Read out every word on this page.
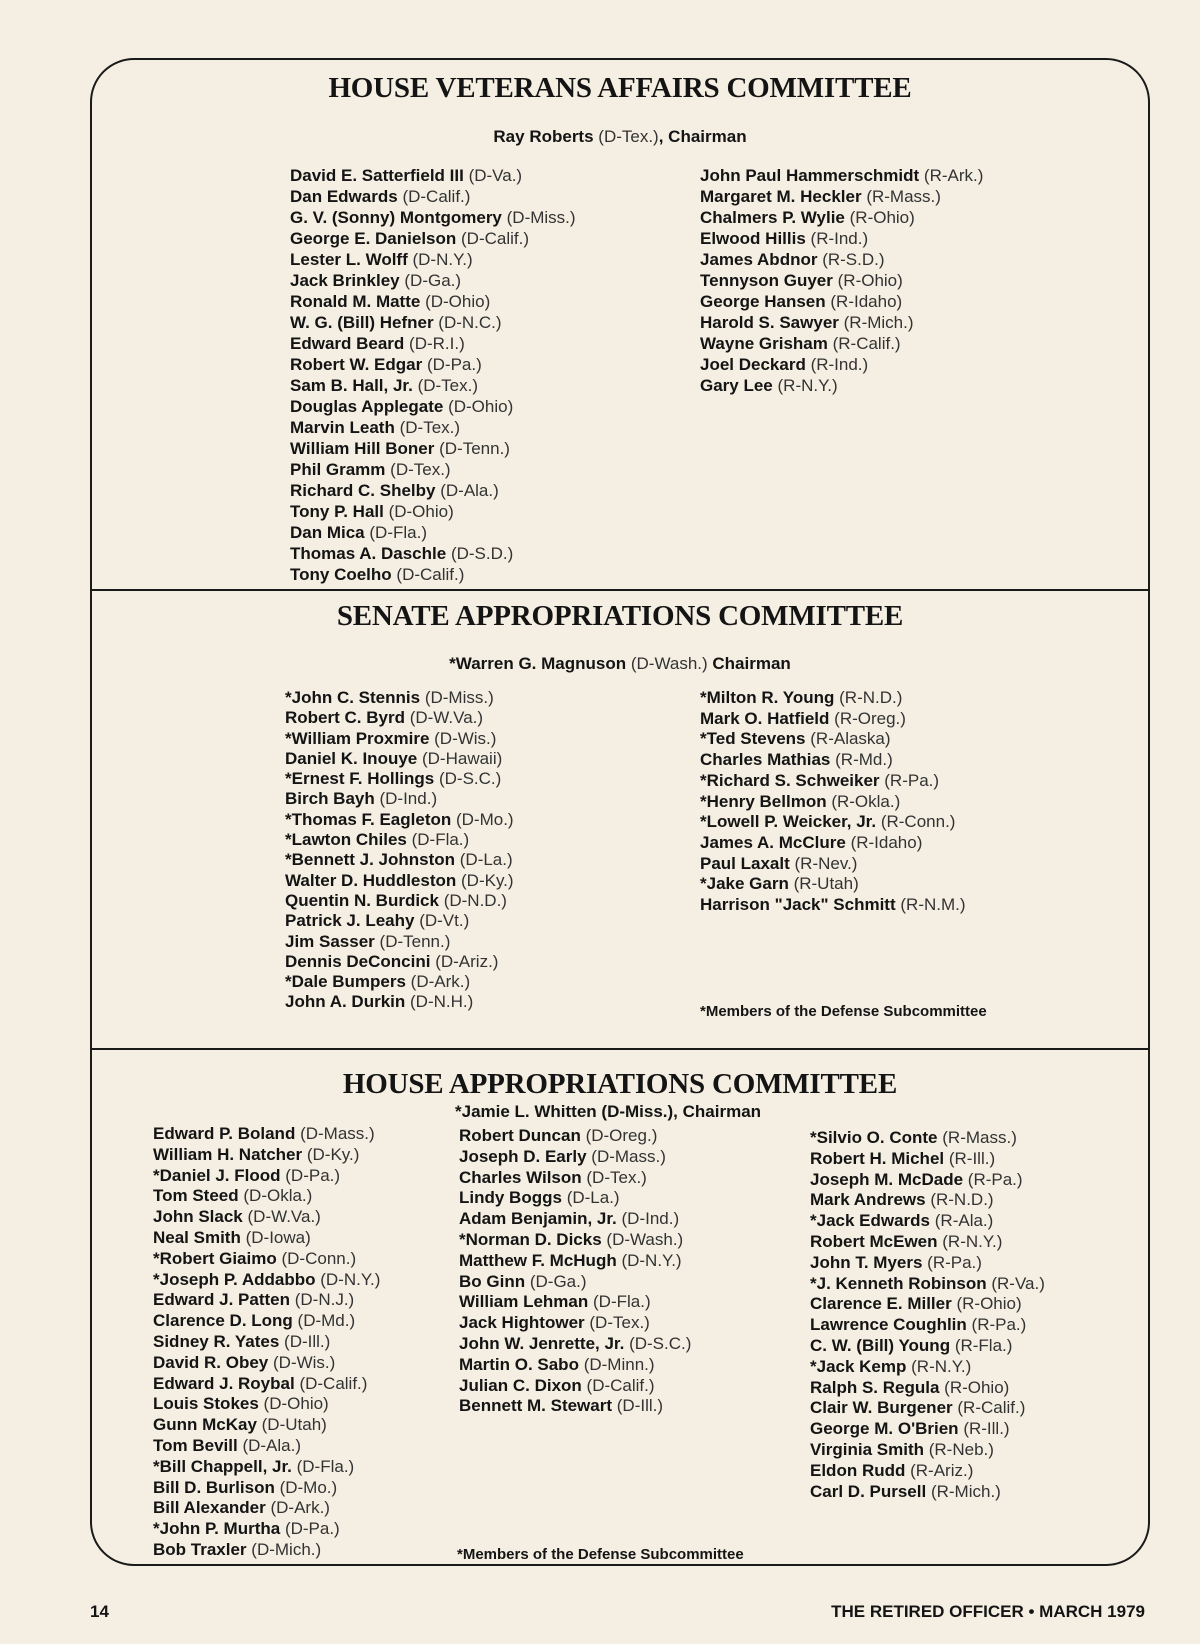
HOUSE VETERANS AFFAIRS COMMITTEE
Ray Roberts (D-Tex.), Chairman
David E. Satterfield III (D-Va.)
Dan Edwards (D-Calif.)
G. V. (Sonny) Montgomery (D-Miss.)
George E. Danielson (D-Calif.)
Lester L. Wolff (D-N.Y.)
Jack Brinkley (D-Ga.)
Ronald M. Matte (D-Ohio)
W. G. (Bill) Hefner (D-N.C.)
Edward Beard (D-R.I.)
Robert W. Edgar (D-Pa.)
Sam B. Hall, Jr. (D-Tex.)
Douglas Applegate (D-Ohio)
Marvin Leath (D-Tex.)
William Hill Boner (D-Tenn.)
Phil Gramm (D-Tex.)
Richard C. Shelby (D-Ala.)
Tony P. Hall (D-Ohio)
Dan Mica (D-Fla.)
Thomas A. Daschle (D-S.D.)
Tony Coelho (D-Calif.)
John Paul Hammerschmidt (R-Ark.)
Margaret M. Heckler (R-Mass.)
Chalmers P. Wylie (R-Ohio)
Elwood Hillis (R-Ind.)
James Abdnor (R-S.D.)
Tennyson Guyer (R-Ohio)
George Hansen (R-Idaho)
Harold S. Sawyer (R-Mich.)
Wayne Grisham (R-Calif.)
Joel Deckard (R-Ind.)
Gary Lee (R-N.Y.)
SENATE APPROPRIATIONS COMMITTEE
*Warren G. Magnuson (D-Wash.) Chairman
*John C. Stennis (D-Miss.)
Robert C. Byrd (D-W.Va.)
*William Proxmire (D-Wis.)
Daniel K. Inouye (D-Hawaii)
*Ernest F. Hollings (D-S.C.)
Birch Bayh (D-Ind.)
*Thomas F. Eagleton (D-Mo.)
*Lawton Chiles (D-Fla.)
*Bennett J. Johnston (D-La.)
Walter D. Huddleston (D-Ky.)
Quentin N. Burdick (D-N.D.)
Patrick J. Leahy (D-Vt.)
Jim Sasser (D-Tenn.)
Dennis DeConcini (D-Ariz.)
*Dale Bumpers (D-Ark.)
John A. Durkin (D-N.H.)
*Milton R. Young (R-N.D.)
Mark O. Hatfield (R-Oreg.)
*Ted Stevens (R-Alaska)
Charles Mathias (R-Md.)
*Richard S. Schweiker (R-Pa.)
*Henry Bellmon (R-Okla.)
*Lowell P. Weicker, Jr. (R-Conn.)
James A. McClure (R-Idaho)
Paul Laxalt (R-Nev.)
*Jake Garn (R-Utah)
Harrison "Jack" Schmitt (R-N.M.)
*Members of the Defense Subcommittee
HOUSE APPROPRIATIONS COMMITTEE
*Jamie L. Whitten (D-Miss.), Chairman
Edward P. Boland (D-Mass.)
William H. Natcher (D-Ky.)
*Daniel J. Flood (D-Pa.)
Tom Steed (D-Okla.)
John Slack (D-W.Va.)
Neal Smith (D-Iowa)
*Robert Giaimo (D-Conn.)
*Joseph P. Addabbo (D-N.Y.)
Edward J. Patten (D-N.J.)
Clarence D. Long (D-Md.)
Sidney R. Yates (D-Ill.)
David R. Obey (D-Wis.)
Edward J. Roybal (D-Calif.)
Louis Stokes (D-Ohio)
Gunn McKay (D-Utah)
Tom Bevill (D-Ala.)
*Bill Chappell, Jr. (D-Fla.)
Bill D. Burlison (D-Mo.)
Bill Alexander (D-Ark.)
*John P. Murtha (D-Pa.)
Bob Traxler (D-Mich.)
Robert Duncan (D-Oreg.)
Joseph D. Early (D-Mass.)
Charles Wilson (D-Tex.)
Lindy Boggs (D-La.)
Adam Benjamin, Jr. (D-Ind.)
*Norman D. Dicks (D-Wash.)
Matthew F. McHugh (D-N.Y.)
Bo Ginn (D-Ga.)
William Lehman (D-Fla.)
Jack Hightower (D-Tex.)
John W. Jenrette, Jr. (D-S.C.)
Martin O. Sabo (D-Minn.)
Julian C. Dixon (D-Calif.)
Bennett M. Stewart (D-Ill.)
*Silvio O. Conte (R-Mass.)
Robert H. Michel (R-Ill.)
Joseph M. McDade (R-Pa.)
Mark Andrews (R-N.D.)
*Jack Edwards (R-Ala.)
Robert McEwen (R-N.Y.)
John T. Myers (R-Pa.)
*J. Kenneth Robinson (R-Va.)
Clarence E. Miller (R-Ohio)
Lawrence Coughlin (R-Pa.)
C. W. (Bill) Young (R-Fla.)
*Jack Kemp (R-N.Y.)
Ralph S. Regula (R-Ohio)
Clair W. Burgener (R-Calif.)
George M. O'Brien (R-Ill.)
Virginia Smith (R-Neb.)
Eldon Rudd (R-Ariz.)
Carl D. Pursell (R-Mich.)
*Members of the Defense Subcommittee
14	THE RETIRED OFFICER • MARCH 1979
